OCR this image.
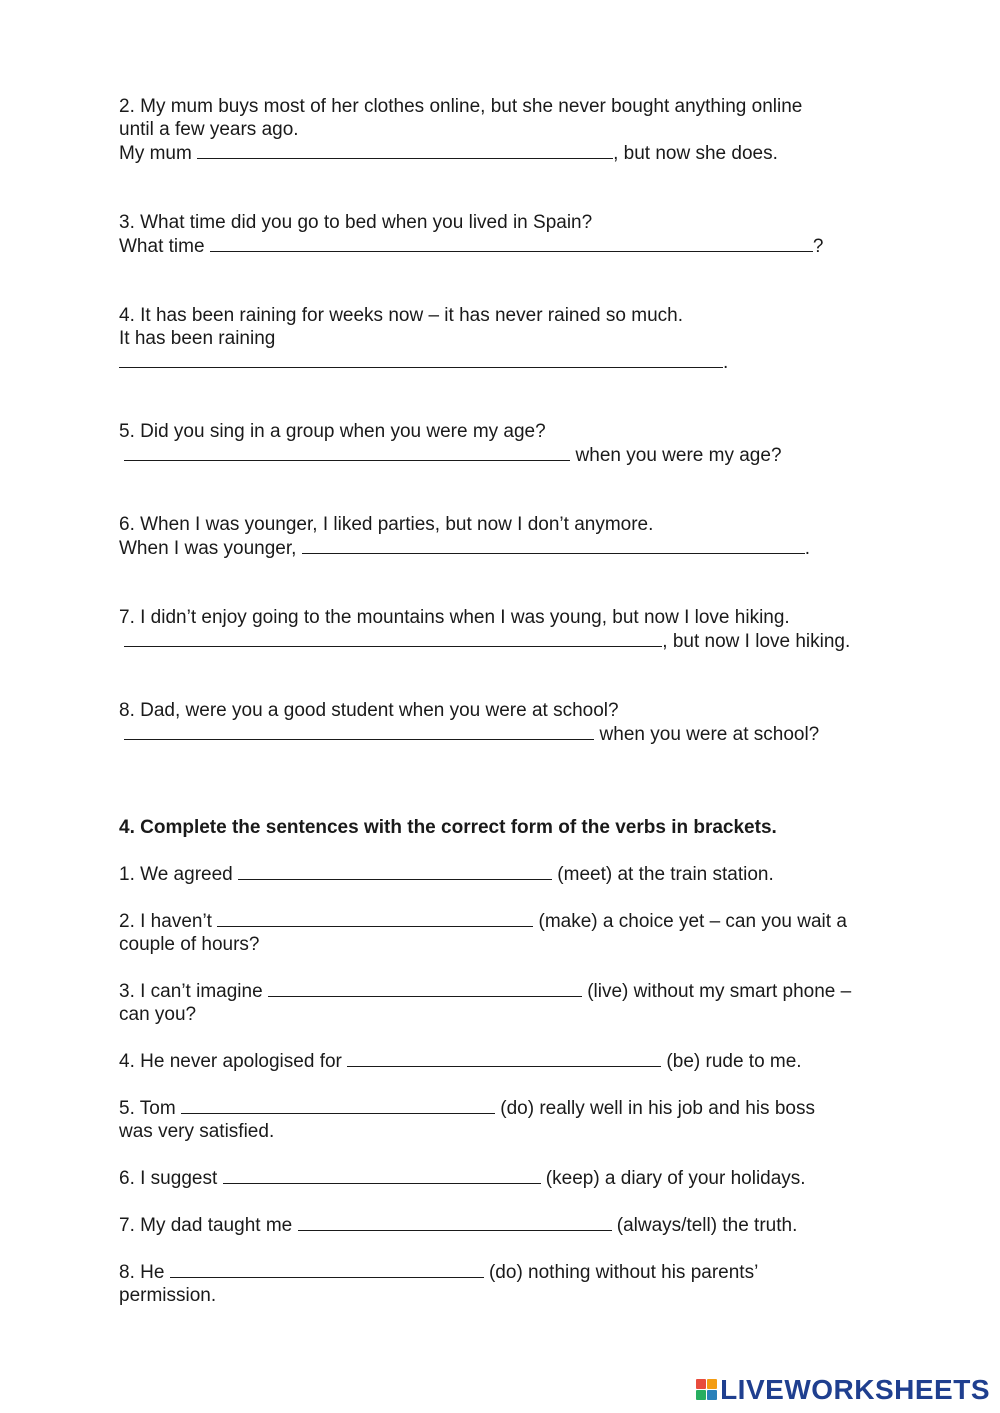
2. My mum buys most of her clothes online, but she never bought anything online
until a few years ago.
My mum	, but now she does.
3. What time did you go to bed when you lived in Spain?
What time	?
4. It has been raining for weeks now – it has never rained so much.
It has been raining
.
5. Did you sing in a group when you were my age?
when you were my age?
6. When I was younger, I liked parties, but now I don’t anymore.
When I was younger,	.
7. I didn’t enjoy going to the mountains when I was young, but now I love hiking.
, but now I love hiking.
8. Dad, were you a good student when you were at school?
when you were at school?

4. Complete the sentences with the correct form of the verbs in brackets.

1. We agreed	(meet) at the train station.
2. I haven’t	(make) a choice yet – can you wait a
couple of hours?
3. I can’t imagine	(live) without my smart phone –
can you?
4. He never apologised for	(be) rude to me.
5. Tom	(do) really well in his job and his boss
was very satisfied.
6. I suggest	(keep) a diary of your holidays.
7. My dad taught me	(always/tell) the truth.
8. He	(do) nothing without his parents’
permission.
LIVEWORKSHEETS
